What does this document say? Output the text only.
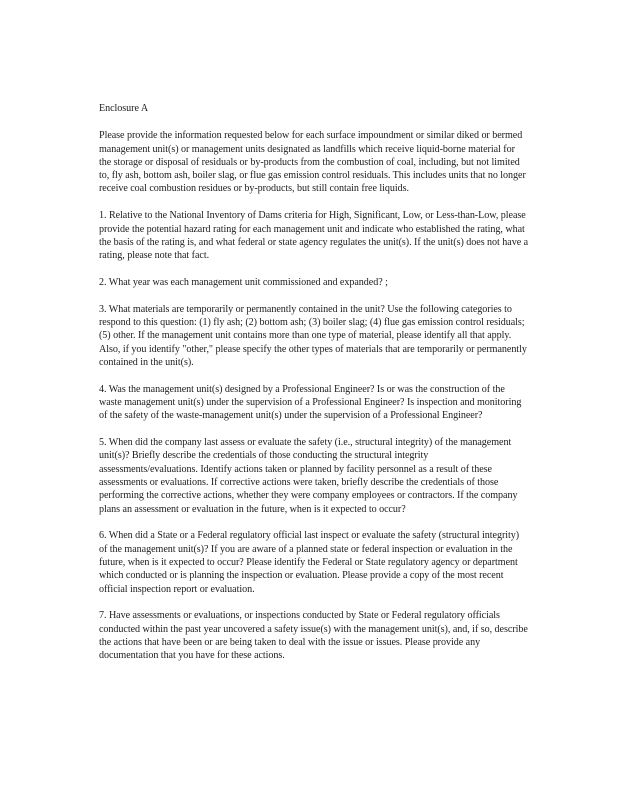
Enclosure A
Please provide the information requested below for each surface impoundment or similar diked or bermed management unit(s) or management units designated as landfills which receive liquid-borne material for the storage or disposal of residuals or by-products from the combustion of coal, including, but not limited to, fly ash, bottom ash, boiler slag, or flue gas emission control residuals. This includes units that no longer receive coal combustion residues or by-products, but still contain free liquids.
1. Relative to the National Inventory of Dams criteria for High, Significant, Low, or Less-than-Low, please provide the potential hazard rating for each management unit and indicate who established the rating, what the basis of the rating is, and what federal or state agency regulates the unit(s). If the unit(s) does not have a rating, please note that fact.
2. What year was each management unit commissioned and expanded? ;
3. What materials are temporarily or permanently contained in the unit? Use the following categories to respond to this question: (1) fly ash; (2) bottom ash; (3) boiler slag; (4) flue gas emission control residuals; (5) other. If the management unit contains more than one type of material, please identify all that apply. Also, if you identify "other," please specify the other types of materials that are temporarily or permanently contained in the unit(s).
4. Was the management unit(s) designed by a Professional Engineer? Is or was the construction of the waste management unit(s) under the supervision of a Professional Engineer? Is inspection and monitoring of the safety of the waste-management unit(s) under the supervision of a Professional Engineer?
5. When did the company last assess or evaluate the safety (i.e., structural integrity) of the management unit(s)? Briefly describe the credentials of those conducting the structural integrity assessments/evaluations. Identify actions taken or planned by facility personnel as a result of these assessments or evaluations. If corrective actions were taken, briefly describe the credentials of those performing the corrective actions, whether they were company employees or contractors. If the company plans an assessment or evaluation in the future, when is it expected to occur?
6. When did a State or a Federal regulatory official last inspect or evaluate the safety (structural integrity) of the management unit(s)? If you are aware of a planned state or federal inspection or evaluation in the future, when is it expected to occur? Please identify the Federal or State regulatory agency or department which conducted or is planning the inspection or evaluation. Please provide a copy of the most recent official inspection report or evaluation.
7. Have assessments or evaluations, or inspections conducted by State or Federal regulatory officials conducted within the past year uncovered a safety issue(s) with the management unit(s), and, if so, describe the actions that have been or are being taken to deal with the issue or issues. Please provide any documentation that you have for these actions.
